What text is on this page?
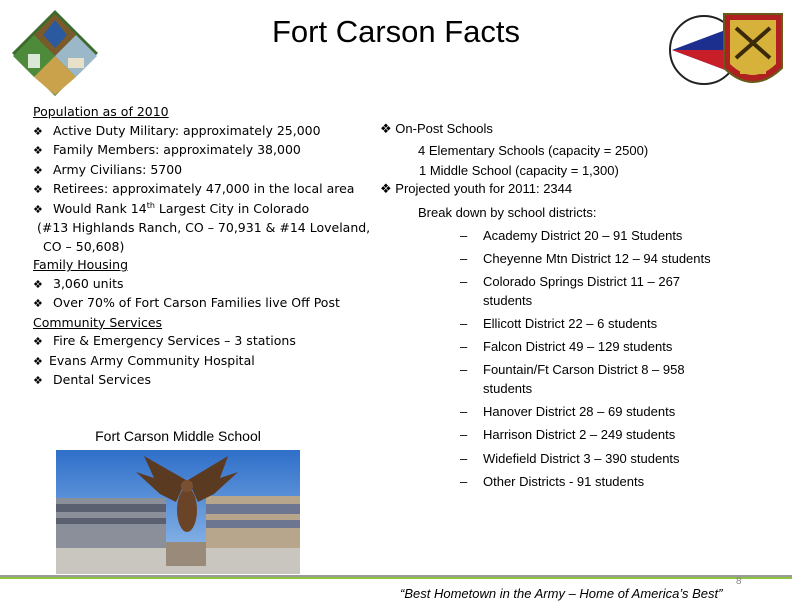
Fort Carson Facts
Population as of 2010
❖ Active Duty Military: approximately 25,000
❖ Family Members: approximately 38,000
❖ Army Civilians: 5700
❖ Retirees: approximately 47,000 in the local area
❖ Would Rank 14th Largest City in Colorado
(#13 Highlands Ranch, CO – 70,931 & #14 Loveland,
CO – 50,608)
Family Housing
❖ 3,060 units
❖ Over 70% of Fort Carson Families live Off Post
Community Services
❖ Fire & Emergency Services – 3 stations
❖ Evans Army Community Hospital
❖ Dental Services
❖ On-Post Schools
4 Elementary Schools (capacity = 2500)
1 Middle School (capacity = 1,300)
❖ Projected youth for 2011: 2344
Break down by school districts:
– Academy District 20 – 91 Students
– Cheyenne Mtn District 12 – 94 students
– Colorado Springs District 11 – 267
students
– Ellicott District 22 – 6 students
– Falcon District 49 – 129 students
– Fountain/Ft Carson District 8 – 958
students
– Hanover District 28 – 69 students
– Harrison District 2 – 249 students
– Widefield District 3 – 390 students
– Other Districts - 91 students
Fort Carson Middle School
8
“Best Hometown in the Army – Home of America’s Best”
